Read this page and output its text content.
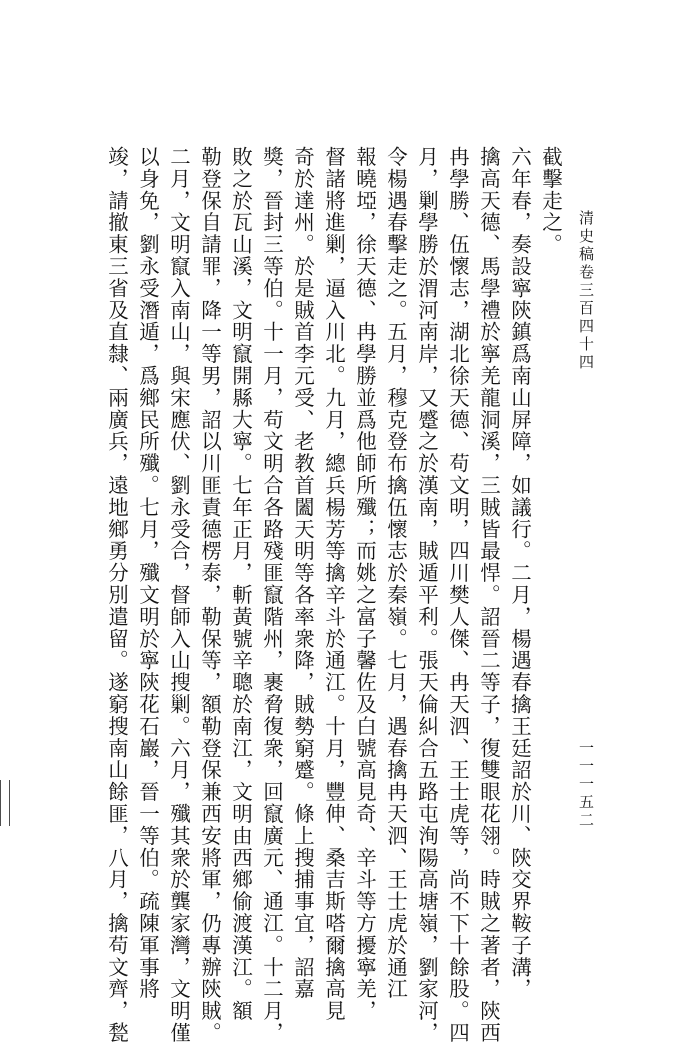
清史稿卷三百四十四
一一一五二
截擊走之。
六年春，奏設寧陝鎮爲南山屏障，如議行。二月，楊遇春擒王廷詔於川、陝交界鞍子溝，
擒高天德、馬學禮於寧羌龍洞溪，三賊皆最悍。詔晉二等子，復雙眼花翎。時賊之著者，陝西
冉學勝、伍懷志，湖北徐天德、苟文明，四川樊人傑、冉天泗、王士虎等，尚不下十餘股。四
月，剿學勝於渭河南岸，又蹙之於漢南，賊遁平利。張天倫糾合五路屯洵陽高塘嶺，劉家河，
令楊遇春擊走之。五月，穆克登布擒伍懷志於秦嶺。七月，遇春擒冉天泗、王士虎於通江
報曉埡，徐天德、冉學勝並爲他師所殲；而姚之富子馨佐及白號高見奇、辛斗等方擾寧羌，
督諸將進剿，逼入川北。九月，總兵楊芳等擒辛斗於通江。十月，豐伸、桑吉斯嗒爾擒高見
奇於達州。於是賊首李元受、老教首闔天明等各率衆降，賊勢窮蹙。條上搜捕事宜，詔嘉
獎，晉封三等伯。十一月，苟文明合各路殘匪竄階州，裹脅復衆，回竄廣元、通江。十二月，
敗之於瓦山溪，文明竄開縣大寧。七年正月，斬黃號辛聰於南江，文明由西鄉偷渡漢江。額
勒登保自請罪，降一等男，詔以川匪責德楞泰，勒保等，額勒登保兼西安將軍，仍專辦陝賊。
二月，文明竄入南山，與宋應伏、劉永受合，督師入山搜剿。六月，殲其衆於龔家灣，文明僅
以身免，劉永受潛遁，爲鄉民所殲。七月，殲文明於寧陝花石巖，晉一等伯。疏陳軍事將
竣，請撤東三省及直隸、兩廣兵，遠地鄉勇分別遣留。遂窮搜南山餘匪，八月，擒苟文齊，甃
